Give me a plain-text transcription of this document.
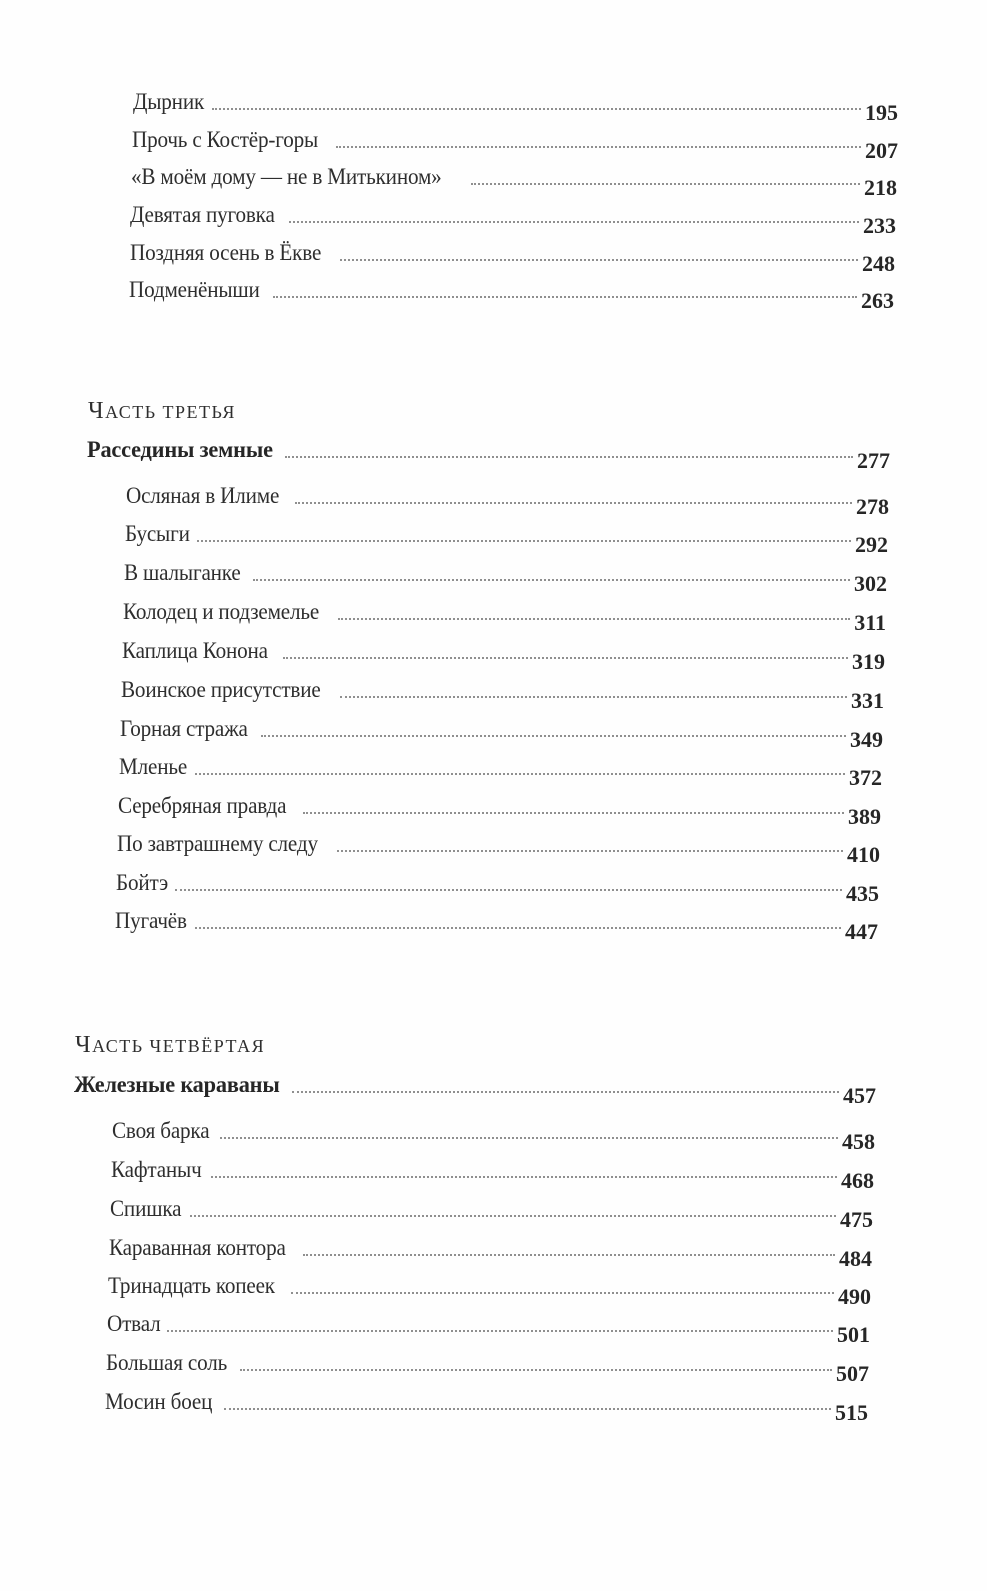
Дырник	195
Прочь с Костёр-горы	207
«В моём дому — не в Митькином»	218
Девятая пуговка	233
Поздняя осень в Ёкве	248
Подменёныши	263
ЧАСТЬ ТРЕТЬЯ
Расседины земные	277
Осляная в Илиме	278
Бусыги	292
В шалыганке	302
Колодец и подземелье	311
Каплица Конона	319
Воинское присутствие	331
Горная стража	349
Мленье	372
Серебряная правда	389
По завтрашнему следу	410
Бойтэ	435
Пугачёв	447
ЧАСТЬ ЧЕТВЁРТАЯ
Железные караваны	457
Своя барка	458
Кафтаныч	468
Спишка	475
Караванная контора	484
Тринадцать копеек	490
Отвал	501
Большая соль	507
Мосин боец	515
